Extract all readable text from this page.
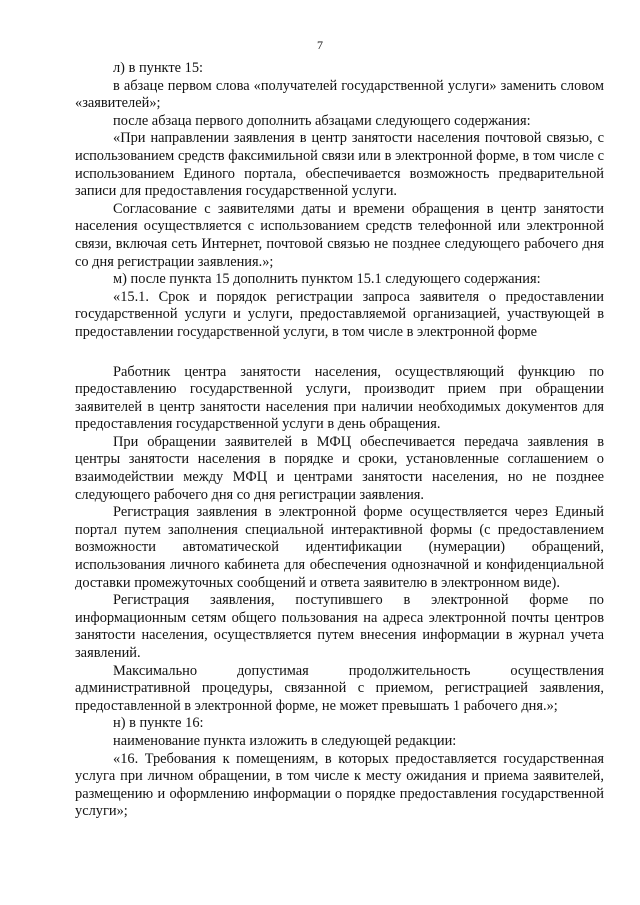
7

л) в пункте 15:

в абзаце первом слова «получателей государственной услуги» заменить словом «заявителей»;

после абзаца первого дополнить абзацами следующего содержания:

«При направлении заявления в центр занятости населения почтовой связью, с использованием средств факсимильной связи или в электронной форме, в том числе с использованием Единого портала, обеспечивается возможность предварительной записи для предоставления государственной услуги.

Согласование с заявителями даты и времени обращения в центр занятости населения осуществляется с использованием средств телефонной или электронной связи, включая сеть Интернет, почтовой связью не позднее следующего рабочего дня со дня регистрации заявления.»;

м) после пункта 15 дополнить пунктом 15.1 следующего содержания:

«15.1. Срок и порядок регистрации запроса заявителя о предоставлении государственной услуги и услуги, предоставляемой организацией, участвующей в предоставлении государственной услуги, в том числе в электронной форме

Работник центра занятости населения, осуществляющий функцию по предоставлению государственной услуги, производит прием при обращении заявителей в центр занятости населения при наличии необходимых документов для предоставления государственной услуги в день обращения.

При обращении заявителей в МФЦ обеспечивается передача заявления в центры занятости населения в порядке и сроки, установленные соглашением о взаимодействии между МФЦ и центрами занятости населения, но не позднее следующего рабочего дня со дня регистрации заявления.

Регистрация заявления в электронной форме осуществляется через Единый портал путем заполнения специальной интерактивной формы (с предоставлением возможности автоматической идентификации (нумерации) обращений, использования личного кабинета для обеспечения однозначной и конфиденциальной доставки промежуточных сообщений и ответа заявителю в электронном виде).

Регистрация заявления, поступившего в электронной форме по информационным сетям общего пользования на адреса электронной почты центров занятости населения, осуществляется путем внесения информации в журнал учета заявлений.

Максимально допустимая продолжительность осуществления административной процедуры, связанной с приемом, регистрацией заявления, предоставленной в электронной форме, не может превышать 1 рабочего дня.»;

н) в пункте 16:

наименование пункта изложить в следующей редакции:

«16. Требования к помещениям, в которых предоставляется государственная услуга при личном обращении, в том числе к месту ожидания и приема заявителей, размещению и оформлению информации о порядке предоставления государственной услуги»;
